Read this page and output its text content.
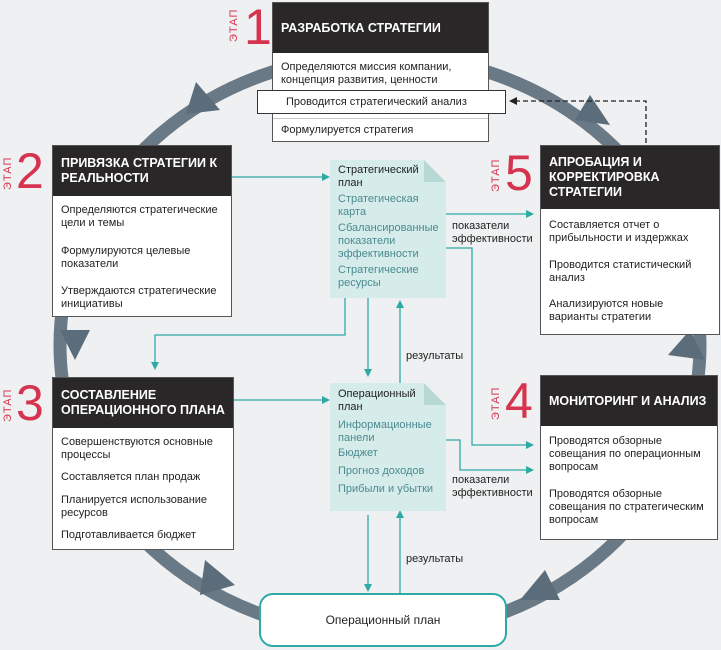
ЭТАП 1 РАЗРАБОТКА СТРАТЕГИИ
Определяются миссия компании, концепция развития, ценности
Формулируется стратегия
Проводится стратегический анализ
ЭТАП 2	ПРИВЯЗКА СТРАТЕГИИ К РЕАЛЬНОСТИ
Определяются стратегические цели и темы
Формулируются целевые показатели
Утверждаются стратегические инициативы
ЭТАП 3	СОСТАВЛЕНИЕ ОПЕРАЦИОННОГО ПЛАНА
Совершенствуются основные процессы
Составляется план продаж
Планируется использование ресурсов
Подготавливается бюджет
ЭТАП 4	МОНИТОРИНГ И АНАЛИЗ
Проводятся обзорные совещания по операционным вопросам
Проводятся обзорные совещания по стратегическим вопросам
ЭТАП 5	АПРОБАЦИЯ И КОРРЕКТИРОВКА СТРАТЕГИИ
Составляется отчет о прибыльности и издержках
Проводится статистический анализ
Анализируются новые варианты стратегии
Стратегический план
Стратегическая карта
Сбалансированные показатели эффективности
Стратегические ресурсы
Операционный план
Информационные панели
Бюджет
Прогноз доходов
Прибыли и убытки
показатели эффективности
показатели эффективности
результаты
результаты
Операционный план
